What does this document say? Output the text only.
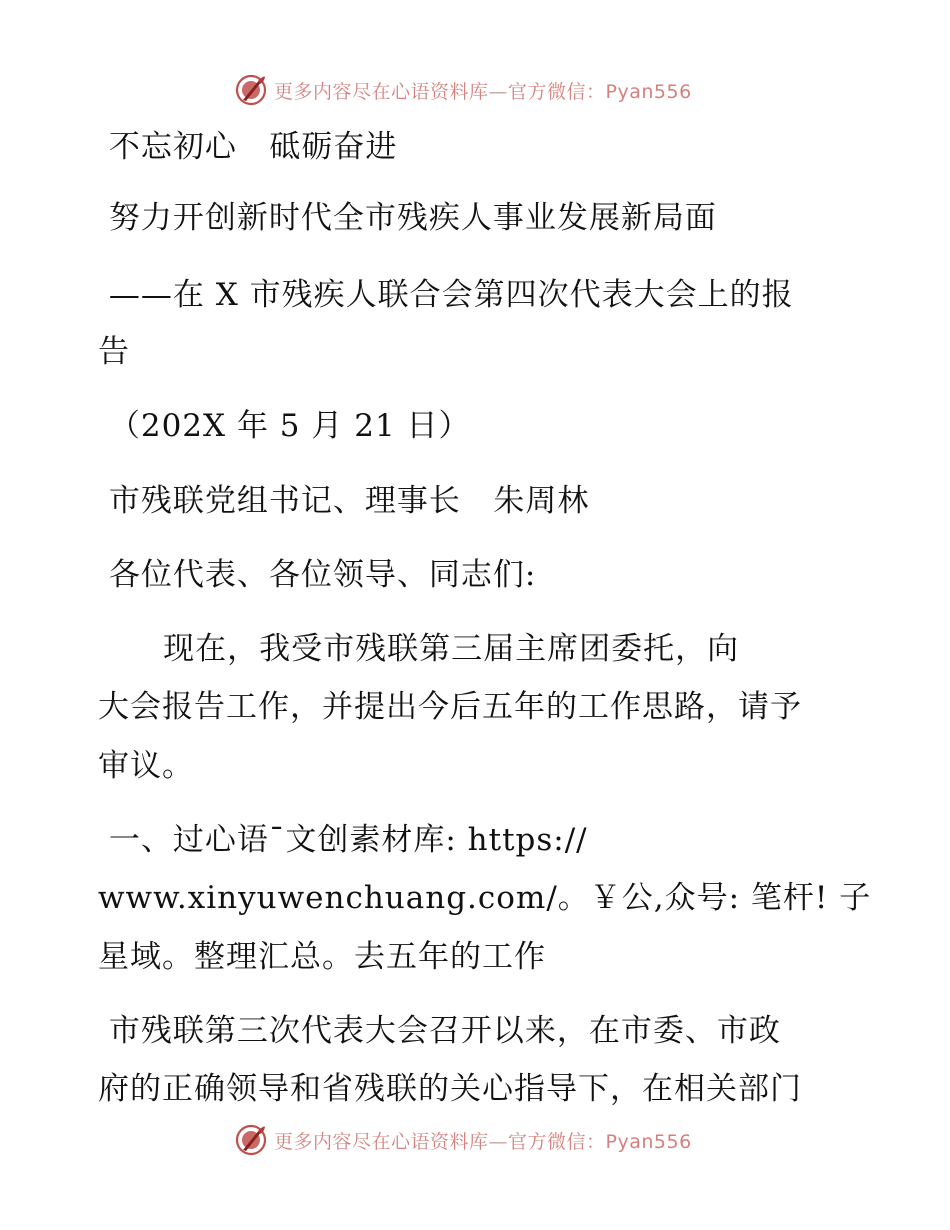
更多内容尽在心语资料库—官方微信：Pyan556
不忘初心   砥砺奋进
努力开创新时代全市残疾人事业发展新局面
——在 X 市残疾人联合会第四次代表大会上的报
告
（202X 年 5 月 21 日）
市残联党组书记、理事长   朱周林
各位代表、各位领导、同志们:
现在，我受市残联第三届主席团委托，向
大会报告工作，并提出今后五年的工作思路，请予
审议。
一、过心语¯文创素材库: https://
www.xinyuwenchuang.com/。￥公,众号: 笔杆! 子
星域。整理汇总。去五年的工作
市残联第三次代表大会召开以来，在市委、市政
府的正确领导和省残联的关心指导下，在相关部门
更多内容尽在心语资料库—官方微信：Pyan556
